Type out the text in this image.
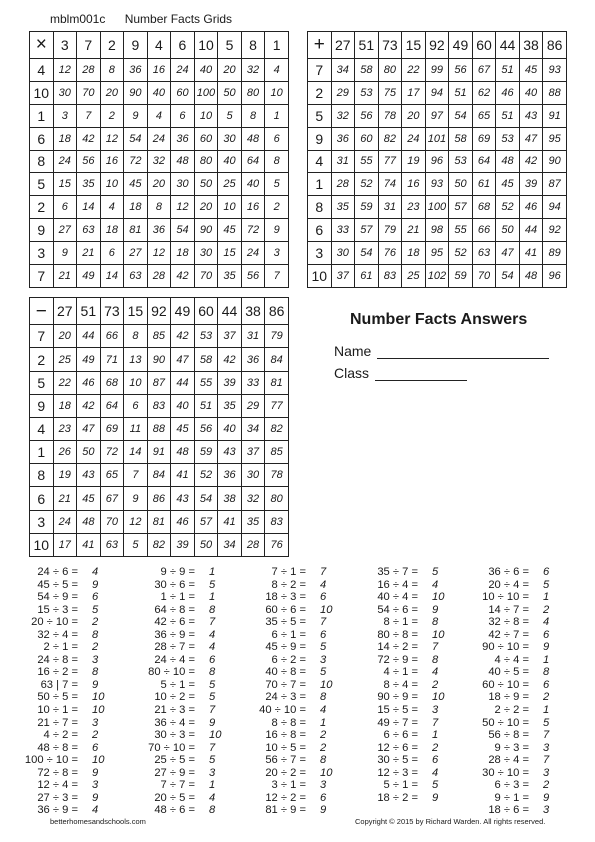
mblm001c Number Facts Grids
×	3	7	2	9	4	6	10	5	8	1
4	12	28	8	36	16	24	40	20	32	4
10	30	70	20	90	40	60	100	50	80	10
1	3	7	2	9	4	6	10	5	8	1
6	18	42	12	54	24	36	60	30	48	6
8	24	56	16	72	32	48	80	40	64	8
5	15	35	10	45	20	30	50	25	40	5
2	6	14	4	18	8	12	20	10	16	2
9	27	63	18	81	36	54	90	45	72	9
3	9	21	6	27	12	18	30	15	24	3
7	21	49	14	63	28	42	70	35	56	7
+	27	51	73	15	92	49	60	44	38	86
7	34	58	80	22	99	56	67	51	45	93
2	29	53	75	17	94	51	62	46	40	88
5	32	56	78	20	97	54	65	51	43	91
9	36	60	82	24	101	58	69	53	47	95
4	31	55	77	19	96	53	64	48	42	90
1	28	52	74	16	93	50	61	45	39	87
8	35	59	31	23	100	57	68	52	46	94
6	33	57	79	21	98	55	66	50	44	92
3	30	54	76	18	95	52	63	47	41	89
10	37	61	83	25	102	59	70	54	48	96
−	27	51	73	15	92	49	60	44	38	86
7	20	44	66	8	85	42	53	37	31	79
2	25	49	71	13	90	47	58	42	36	84
5	22	46	68	10	87	44	55	39	33	81
9	18	42	64	6	83	40	51	35	29	77
4	23	47	69	11	88	45	56	40	34	82
1	26	50	72	14	91	48	59	43	37	85
8	19	43	65	7	84	41	52	36	30	78
6	21	45	67	9	86	43	54	38	32	80
3	24	48	70	12	81	46	57	41	35	83
10	17	41	63	5	82	39	50	34	28	76
Number Facts Answers
Name
Class
24 ÷ 6 = 4
45 ÷ 5 = 9
54 ÷ 9 = 6
15 ÷ 3 = 5
20 ÷ 10 = 2
32 ÷ 4 = 8
2 ÷ 1 = 2
24 ÷ 8 = 3
16 ÷ 2 = 8
63 | 7 = 9
50 ÷ 5 = 10
10 ÷ 1 = 10
21 ÷ 7 = 3
4 ÷ 2 = 2
48 ÷ 8 = 6
100 ÷ 10 = 10
72 ÷ 8 = 9
12 ÷ 4 = 3
27 ÷ 3 = 9
36 ÷ 9 = 4
9 ÷ 9 = 1
30 ÷ 6 = 5
1 ÷ 1 = 1
64 ÷ 8 = 8
42 ÷ 6 = 7
36 ÷ 9 = 4
28 ÷ 7 = 4
24 ÷ 4 = 6
80 ÷ 10 = 8
5 ÷ 1 = 5
10 ÷ 2 = 5
21 ÷ 3 = 7
36 ÷ 4 = 9
30 ÷ 3 = 10
70 ÷ 10 = 7
25 ÷ 5 = 5
27 ÷ 9 = 3
7 ÷ 7 = 1
20 ÷ 5 = 4
48 ÷ 6 = 8
7 ÷ 1 = 7
8 ÷ 2 = 4
18 ÷ 3 = 6
60 ÷ 6 = 10
35 ÷ 5 = 7
6 ÷ 1 = 6
45 ÷ 9 = 5
6 ÷ 2 = 3
40 ÷ 8 = 5
70 ÷ 7 = 10
24 ÷ 3 = 8
40 ÷ 10 = 4
8 ÷ 8 = 1
16 ÷ 8 = 2
10 ÷ 5 = 2
56 ÷ 7 = 8
20 ÷ 2 = 10
3 ÷ 1 = 3
12 ÷ 2 = 6
81 ÷ 9 = 9
35 ÷ 7 = 5
16 ÷ 4 = 4
40 ÷ 4 = 10
54 ÷ 6 = 9
8 ÷ 1 = 8
80 ÷ 8 = 10
14 ÷ 2 = 7
72 ÷ 9 = 8
4 ÷ 1 = 4
8 ÷ 4 = 2
90 ÷ 9 = 10
15 ÷ 5 = 3
49 ÷ 7 = 7
6 ÷ 6 = 1
12 ÷ 6 = 2
30 ÷ 5 = 6
12 ÷ 3 = 4
5 ÷ 1 = 5
18 ÷ 2 = 9
36 ÷ 6 = 6
20 ÷ 4 = 5
10 ÷ 10 = 1
14 ÷ 7 = 2
32 ÷ 8 = 4
42 ÷ 7 = 6
90 ÷ 10 = 9
4 ÷ 4 = 1
40 ÷ 5 = 8
60 ÷ 10 = 6
18 ÷ 9 = 2
2 ÷ 2 = 1
50 ÷ 10 = 5
56 ÷ 8 = 7
9 ÷ 3 = 3
28 ÷ 4 = 7
30 ÷ 10 = 3
6 ÷ 3 = 2
9 ÷ 1 = 9
18 ÷ 6 = 3
betterhomesandschools.com	Copyright © 2015 by Richard Warden. All rights reserved.
